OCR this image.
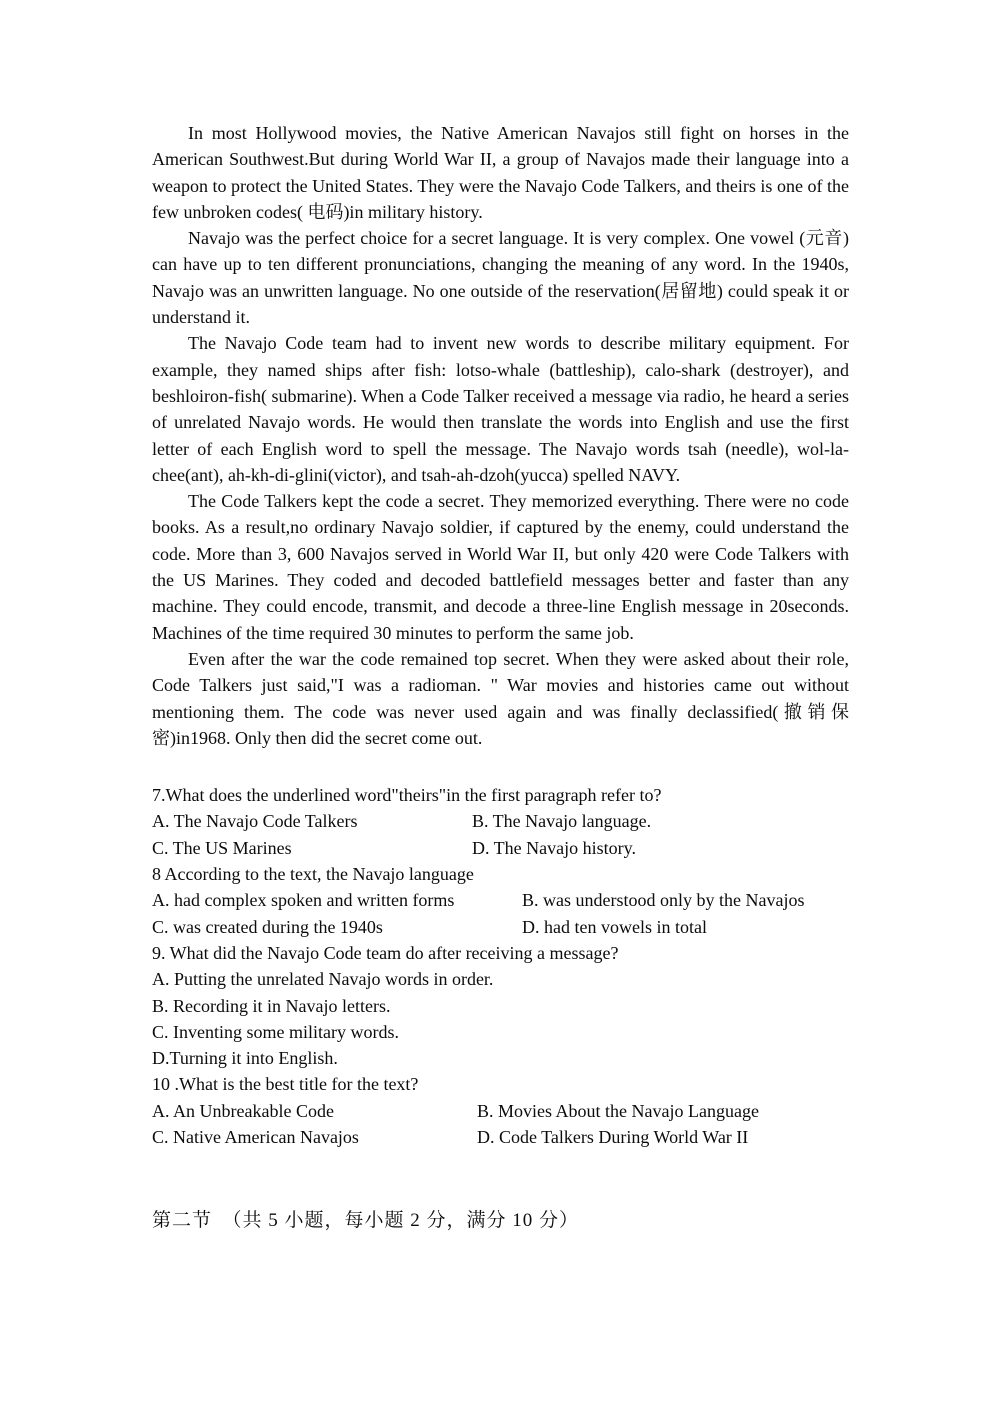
In most Hollywood movies, the Native American Navajos still fight on horses in the American Southwest.But during World War II, a group of Navajos made their language into a weapon to protect the United States. They were the Navajo Code Talkers, and theirs is one of the few unbroken codes( 电码)in military history.

Navajo was the perfect choice for a secret language. It is very complex. One vowel (元音) can have up to ten different pronunciations, changing the meaning of any word. In the 1940s, Navajo was an unwritten language. No one outside of the reservation(居留地) could speak it or understand it.

The Navajo Code team had to invent new words to describe military equipment. For example, they named ships after fish: lotso-whale (battleship), calo-shark (destroyer), and beshloiron-fish( submarine). When a Code Talker received a message via radio, he heard a series of unrelated Navajo words. He would then translate the words into English and use the first letter of each English word to spell the message. The Navajo words tsah (needle), wol-la-chee(ant), ah-kh-di-glini(victor), and tsah-ah-dzoh(yucca) spelled NAVY.

The Code Talkers kept the code a secret. They memorized everything. There were no code books. As a result,no ordinary Navajo soldier, if captured by the enemy, could understand the code. More than 3, 600 Navajos served in World War II, but only 420 were Code Talkers with the US Marines. They coded and decoded battlefield messages better and faster than any machine. They could encode, transmit, and decode a three-line English message in 20seconds. Machines of the time required 30 minutes to perform the same job.

Even after the war the code remained top secret. When they were asked about their role, Code Talkers just said,"I was a radioman. " War movies and histories came out without mentioning them. The code was never used again and was finally declassified(撤销保密)in1968. Only then did the secret come out.

7.What does the underlined word"theirs"in the first paragraph refer to?
A. The Navajo Code Talkers	B. The Navajo language.
C. The US Marines	D. The Navajo history.
8 According to the text, the Navajo language
A. had complex spoken and written forms	B. was understood only by the Navajos
C. was created during the 1940s	D. had ten vowels in total
9. What did the Navajo Code team do after receiving a message?
A. Putting the unrelated Navajo words in order.
B. Recording it in Navajo letters.
C. Inventing some military words.
D.Turning it into English.
10 .What is the best title for the text?
A. An Unbreakable Code	B. Movies About the Navajo Language
C. Native American Navajos	D. Code Talkers During World War II
第二节　（共 5 小题，每小题 2 分，满分 10 分）
